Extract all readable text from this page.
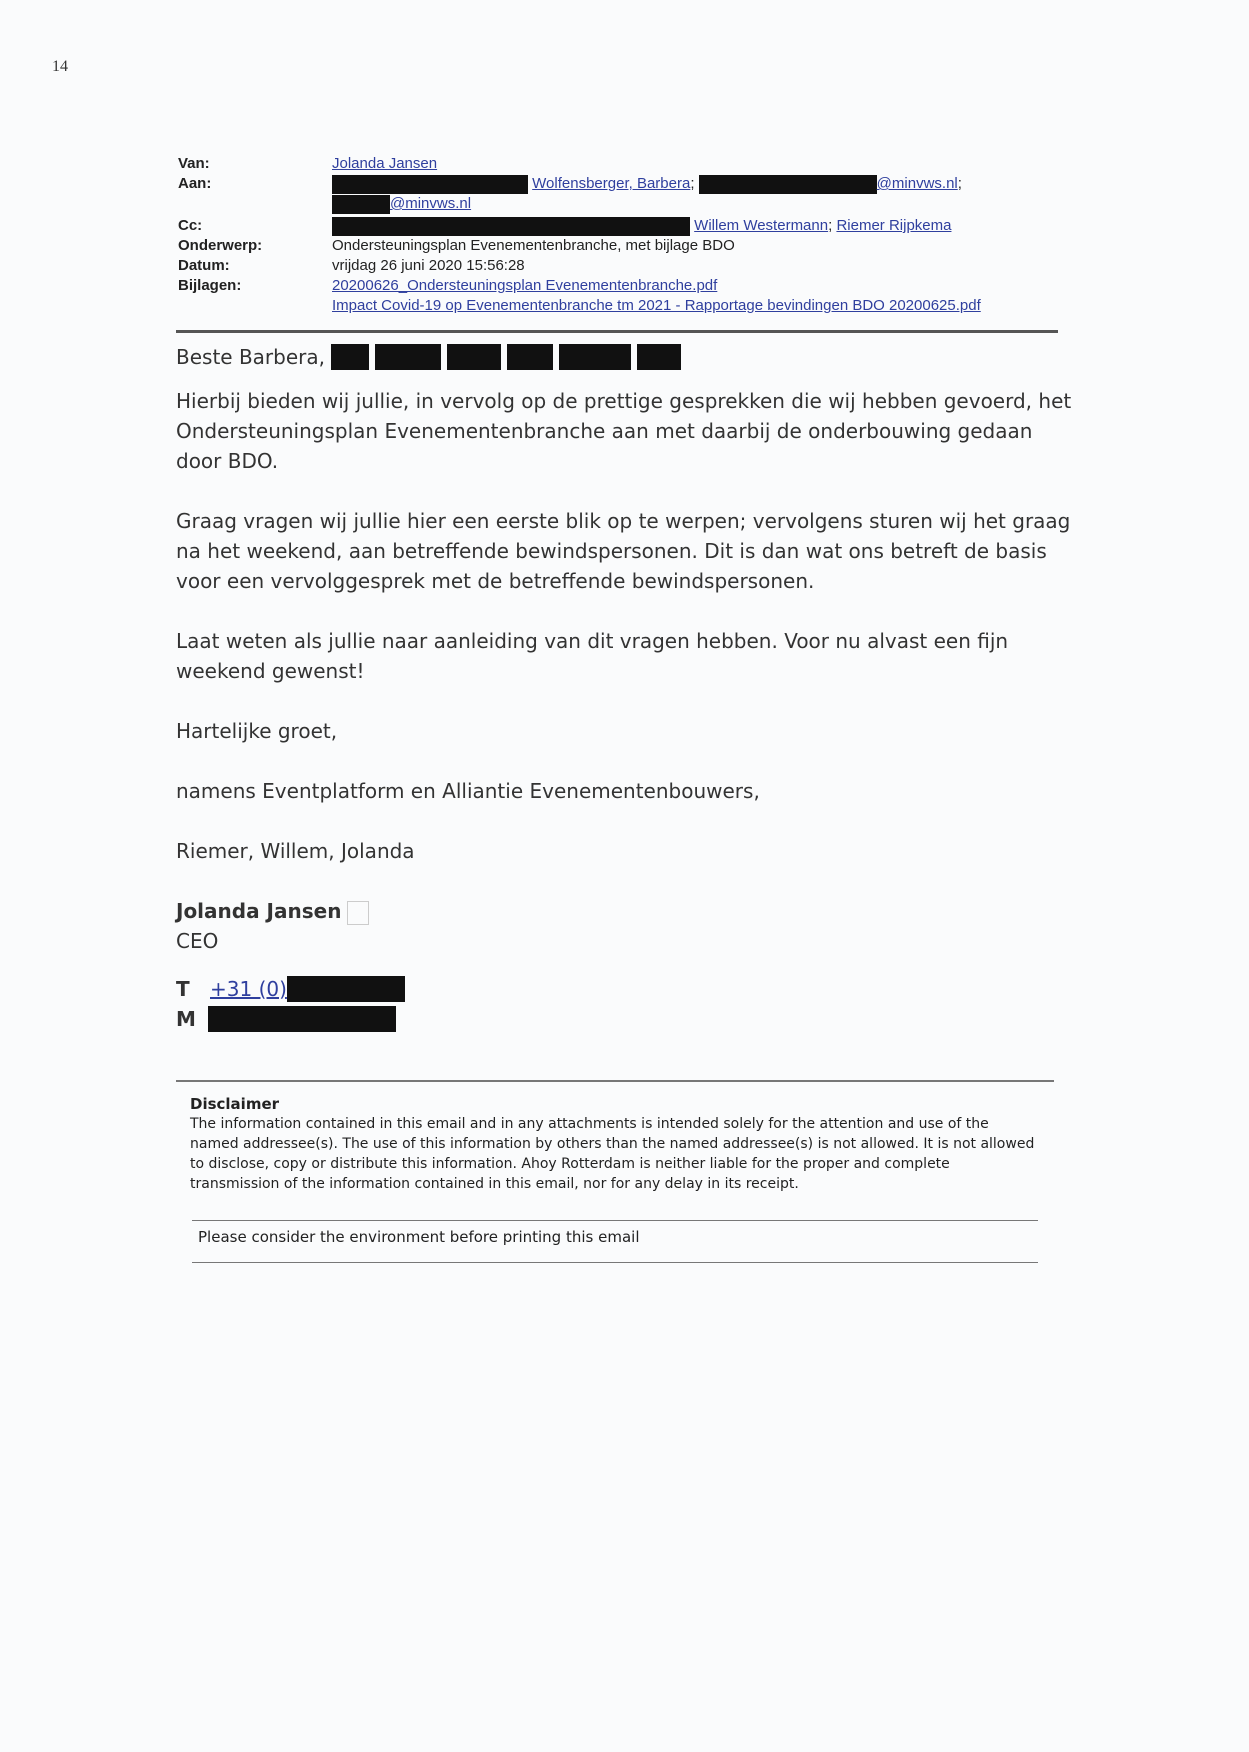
14
Van:	Jolanda Jansen
Aan:	Wolfensberger, Barbera;	@minvws.nl;
@minvws.nl
Cc:	Willem Westermann; Riemer Rijpkema
Onderwerp:	Ondersteuningsplan Evenementenbranche, met bijlage BDO
Datum:	vrijdag 26 juni 2020 15:56:28
Bijlagen:	20200626_Ondersteuningsplan Evenementenbranche.pdf
Impact Covid-19 op Evenementenbranche tm 2021 - Rapportage bevindingen BDO 20200625.pdf

Beste Barbera,

Hierbij bieden wij jullie, in vervolg op de prettige gesprekken die wij hebben gevoerd, het Ondersteuningsplan Evenementenbranche aan met daarbij de onderbouwing gedaan door BDO.

Graag vragen wij jullie hier een eerste blik op te werpen; vervolgens sturen wij het graag na het weekend, aan betreffende bewindspersonen. Dit is dan wat ons betreft de basis voor een vervolggesprek met de betreffende bewindspersonen.

Laat weten als jullie naar aanleiding van dit vragen hebben. Voor nu alvast een fijn weekend gewenst!

Hartelijke groet,

namens Eventplatform en Alliantie Evenementenbouwers,

Riemer, Willem, Jolanda

Jolanda Jansen
CEO
T	+31 (0)
M
Disclaimer
The information contained in this email and in any attachments is intended solely for the attention and use of the named addressee(s). The use of this information by others than the named addressee(s) is not allowed. It is not allowed to disclose, copy or distribute this information. Ahoy Rotterdam is neither liable for the proper and complete transmission of the information contained in this email, nor for any delay in its receipt.
Please consider the environment before printing this email
